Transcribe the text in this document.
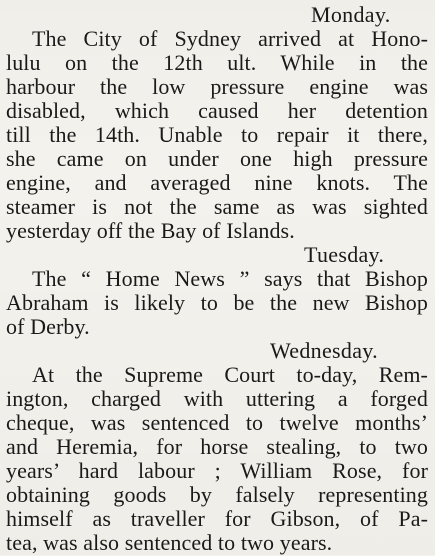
Monday.
The City of Sydney arrived at Hono-
lulu on the 12th ult. While in the
harbour the low pressure engine was
disabled, which caused her detention
till the 14th. Unable to repair it there,
she came on under one high pressure
engine, and averaged nine knots. The
steamer is not the same as was sighted
yesterday off the Bay of Islands.
Tuesday.
The “ Home News ” says that Bishop
Abraham is likely to be the new Bishop
of Derby.
Wednesday.
At the Supreme Court to-day, Rem-
ington, charged with uttering a forged
cheque, was sentenced to twelve months’
and Heremia, for horse stealing, to two
years’ hard labour ; William Rose, for
obtaining goods by falsely representing
himself as traveller for Gibson, of Pa-
tea, was also sentenced to two years.
